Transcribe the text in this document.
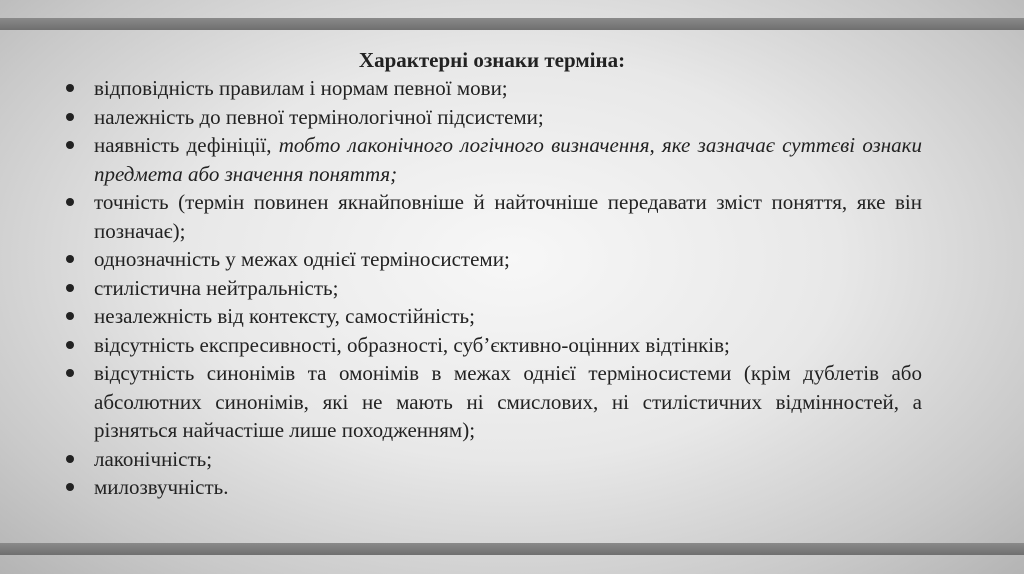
Характерні ознаки терміна:

відповідність правилам і нормам певної мови;
належність до певної термінологічної підсистеми;
наявність дефініції, тобто лаконічного логічного визначення, яке зазначає суттєві ознаки предмета або значення поняття;
точність (термін повинен якнайповніше й найточніше передавати зміст поняття, яке він позначає);
однозначність у межах однієї терміносистеми;
стилістична нейтральність;
незалежність від контексту, самостійність;
відсутність експресивності, образності, суб’єктивно-оцінних відтінків;
відсутність синонімів та омонімів в межах однієї терміносистеми (крім дублетів або абсолютних синонімів, які не мають ні смислових, ні стилістичних відмінностей, а різняться найчастіше лише походженням);
лаконічність;
милозвучність.
